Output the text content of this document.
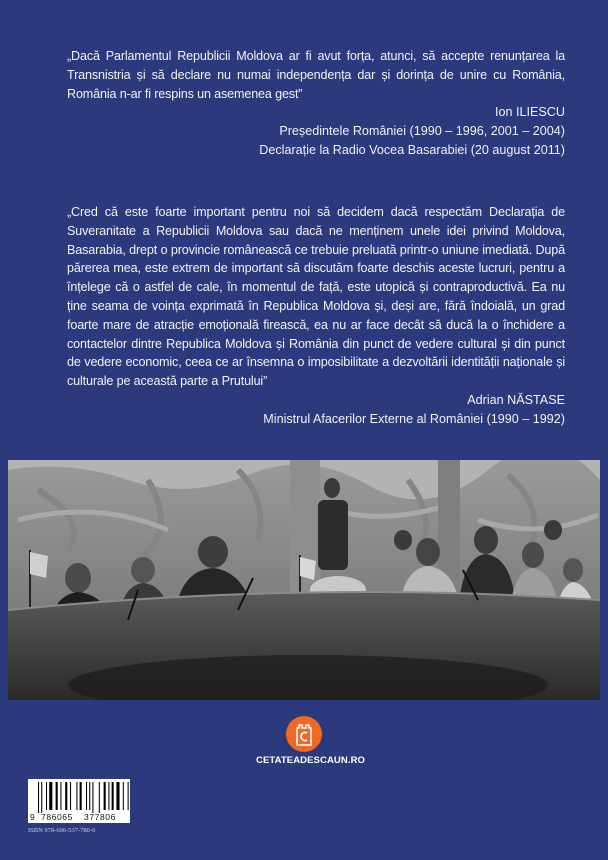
„Dacă Parlamentul Republicii Moldova ar fi avut forța, atunci, să accepte renunțarea la Transnistria și să declare nu numai independența dar și dorința de unire cu România, România n-ar fi respins un asemenea gest”

Ion ILIESCU
Președintele României (1990 – 1996, 2001 – 2004)
Declarație la Radio Vocea Basarabiei (20 august 2011)

„Cred că este foarte important pentru noi să decidem dacă respectăm Declarația de Suveranitate a Republicii Moldova sau dacă ne menținem unele idei privind Moldova, Basarabia, drept o provincie românească ce trebuie preluată printr-o uniune imediată. După părerea mea, este extrem de important să discutăm foarte deschis aceste lucruri, pentru a înțelege că o astfel de cale, în momentul de față, este utopică și contraproductivă. Ea nu ține seama de voința exprimată în Republica Moldova și, deși are, fără îndoială, un grad foarte mare de atracție emoțională firească, ea nu ar face decât să ducă la o închidere a contactelor dintre Republica Moldova și România din punct de vedere cultural și din punct de vedere economic, ceea ce ar însemna o imposibilitate a dezvoltării identității naționale și culturale pe această parte a Prutului”

Adrian NĂSTASE
Ministrul Afacerilor Externe al României (1990 – 1992)
CETATEADESCAUN.RO
9 786065 377806
ISBN 978-606-537-780-6
